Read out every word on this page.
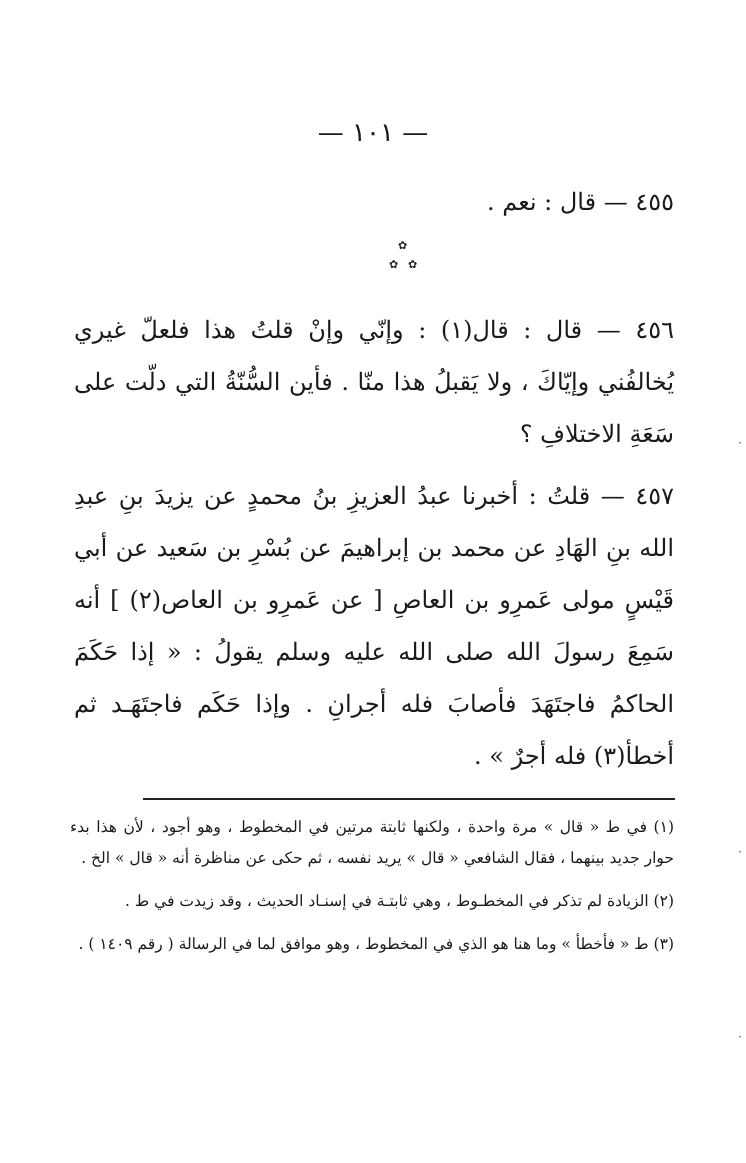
— ١٠١ —

٤٥٥ — قال : نعم .

✿
✿ ✿

٤٥٦ — قال : قال(١) : وإنّي وإنْ قلتُ هذا فلعلّ غيري يُخالفُني وإيّاكَ ، ولا يَقبلُ هذا منّا . فأين السُّنّةُ التي دلّت على سَعَةِ الاختلافِ ؟

٤٥٧ — قلتُ : أخبرنا عبدُ العزيزِ بنُ محمدٍ عن يزيدَ بنِ عبدِ الله بنِ الهَادِ عن محمد بن إبراهيمَ عن بُسْرِ بن سَعيد عن أبي قَيْسٍ مولى عَمرِو بن العاصِ [ عن عَمرِو بن العاص(٢) ] أنه سَمِعَ رسولَ الله صلى الله عليه وسلم يقولُ : « إذا حَكَمَ الحاكمُ فاجتَهَدَ فأصابَ فله أجرانِ . وإذا حَكَم فاجتَهَـد ثم أخطأ(٣) فله أجرٌ » .

(١) في ط « قال » مرة واحدة ، ولكنها ثابتة مرتين في المخطوط ، وهو أجود ، لأن هذا بدء حوار جديد بينهما ، فقال الشافعي « قال » يريد نفسه ، ثم حكى عن مناظرة أنه « قال » الخ .

(٢) الزيادة لم تذكر في المخطـوط ، وهي ثابتـة في إسنـاد الحديث ، وقد زيدت في ط .

(٣) ط « فأخطأ » وما هنا هو الذي في المخطوط ، وهو موافق لما في الرسالة ( رقم ١٤٠٩ ) .

·
·
·
